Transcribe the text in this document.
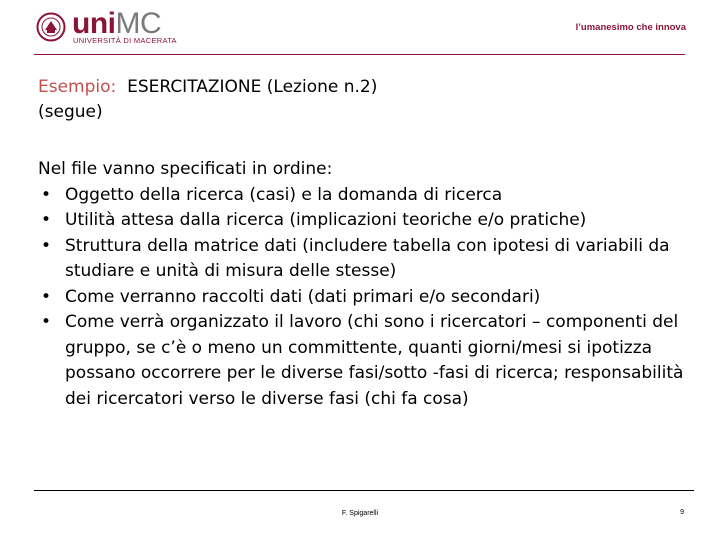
uniMC
UNIVERSITÀ DI MACERATA
l’umanesimo che innova
Esempio: ESERCITAZIONE (Lezione n.2)
(segue)
Nel file vanno specificati in ordine:
• Oggetto della ricerca (casi) e la domanda di ricerca
• Utilità attesa dalla ricerca (implicazioni teoriche e/o pratiche)
• Struttura della matrice dati (includere tabella con ipotesi di variabili da studiare e unità di misura delle stesse)
• Come verranno raccolti dati (dati primari e/o secondari)
• Come verrà organizzato il lavoro (chi sono i ricercatori – componenti del gruppo, se c’è o meno un committente, quanti giorni/mesi si ipotizza possano occorrere per le diverse fasi/sotto -fasi di ricerca; responsabilità dei ricercatori verso le diverse fasi (chi fa cosa)
F. Spigarelli	9
